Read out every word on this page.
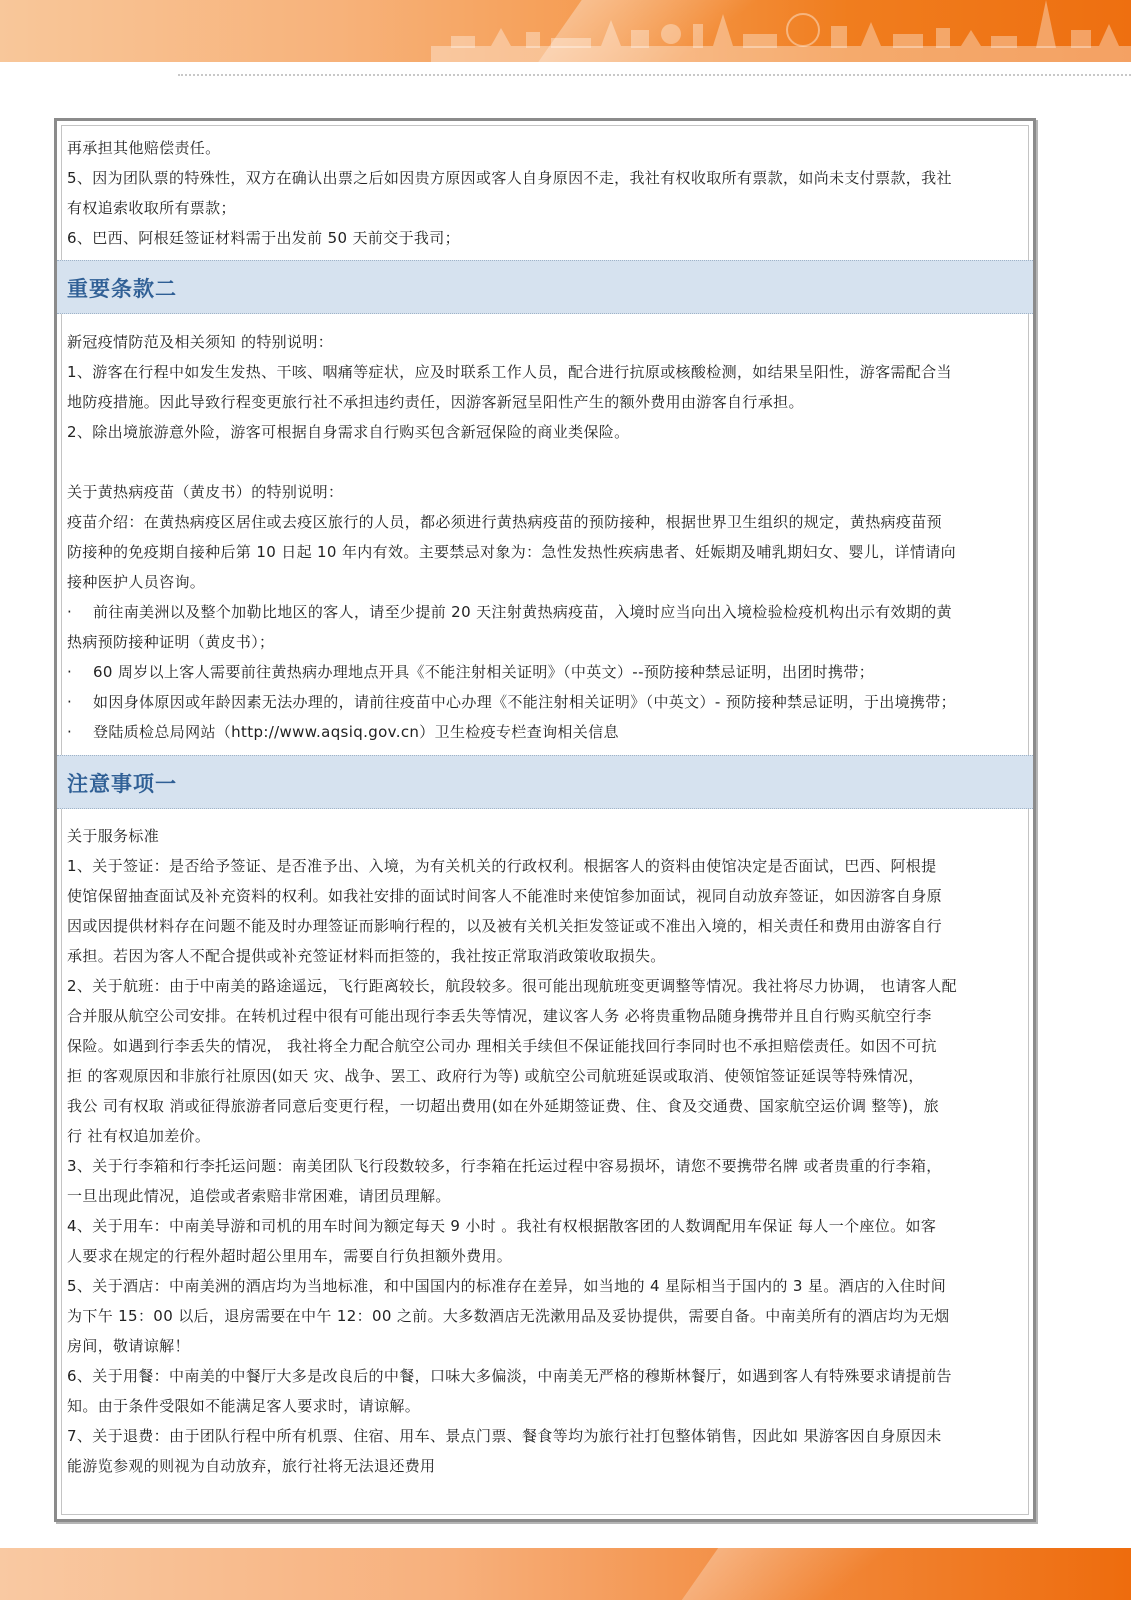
再承担其他赔偿责任。
5、因为团队票的特殊性，双方在确认出票之后如因贵方原因或客人自身原因不走，我社有权收取所有票款，如尚未支付票款，我社
有权追索收取所有票款；
6、巴西、阿根廷签证材料需于出发前 50 天前交于我司；
重要条款二
新冠疫情防范及相关须知 的特别说明：
1、游客在行程中如发生发热、干咳、咽痛等症状，应及时联系工作人员，配合进行抗原或核酸检测，如结果呈阳性，游客需配合当
地防疫措施。因此导致行程变更旅行社不承担违约责任，因游客新冠呈阳性产生的额外费用由游客自行承担。
2、除出境旅游意外险，游客可根据自身需求自行购买包含新冠保险的商业类保险。

关于黄热病疫苗（黄皮书）的特别说明：
疫苗介绍：在黄热病疫区居住或去疫区旅行的人员，都必须进行黄热病疫苗的预防接种，根据世界卫生组织的规定，黄热病疫苗预
防接种的免疫期自接种后第 10 日起 10 年内有效。主要禁忌对象为：急性发热性疾病患者、妊娠期及哺乳期妇女、婴儿，详情请向
接种医护人员咨询。
· 前往南美洲以及整个加勒比地区的客人，请至少提前 20 天注射黄热病疫苗，入境时应当向出入境检验检疫机构出示有效期的黄
热病预防接种证明（黄皮书）；
· 60 周岁以上客人需要前往黄热病办理地点开具《不能注射相关证明》（中英文）--预防接种禁忌证明，出团时携带；
· 如因身体原因或年龄因素无法办理的，请前往疫苗中心办理《不能注射相关证明》（中英文）- 预防接种禁忌证明，于出境携带；
· 登陆质检总局网站（http://www.aqsiq.gov.cn）卫生检疫专栏查询相关信息
注意事项一
关于服务标准
1、关于签证：是否给予签证、是否准予出、入境，为有关机关的行政权利。根据客人的资料由使馆决定是否面试，巴西、阿根提
使馆保留抽查面试及补充资料的权利。如我社安排的面试时间客人不能准时来使馆参加面试，视同自动放弃签证，如因游客自身原
因或因提供材料存在问题不能及时办理签证而影响行程的，以及被有关机关拒发签证或不准出入境的，相关责任和费用由游客自行
承担。若因为客人不配合提供或补充签证材料而拒签的，我社按正常取消政策收取损失。
2、关于航班：由于中南美的路途遥远，飞行距离较长，航段较多。很可能出现航班变更调整等情况。我社将尽力协调， 也请客人配
合并服从航空公司安排。在转机过程中很有可能出现行李丢失等情况，建议客人务 必将贵重物品随身携带并且自行购买航空行李
保险。如遇到行李丢失的情况， 我社将全力配合航空公司办 理相关手续但不保证能找回行李同时也不承担赔偿责任。如因不可抗
拒 的客观原因和非旅行社原因(如天 灾、战争、罢工、政府行为等) 或航空公司航班延误或取消、使领馆签证延误等特殊情况，
我公 司有权取 消或征得旅游者同意后变更行程，一切超出费用(如在外延期签证费、住、食及交通费、国家航空运价调 整等)，旅
行 社有权追加差价。
3、关于行李箱和行李托运问题：南美团队飞行段数较多，行李箱在托运过程中容易损坏，请您不要携带名牌 或者贵重的行李箱，
一旦出现此情况，追偿或者索赔非常困难，请团员理解。
4、关于用车：中南美导游和司机的用车时间为额定每天 9 小时 。我社有权根据散客团的人数调配用车保证 每人一个座位。如客
人要求在规定的行程外超时超公里用车，需要自行负担额外费用。
5、关于酒店：中南美洲的酒店均为当地标准，和中国国内的标准存在差异，如当地的 4 星际相当于国内的 3 星。酒店的入住时间
为下午 15：00 以后，退房需要在中午 12：00 之前。大多数酒店无洗漱用品及妥协提供，需要自备。中南美所有的酒店均为无烟
房间，敬请谅解！
6、关于用餐：中南美的中餐厅大多是改良后的中餐，口味大多偏淡，中南美无严格的穆斯林餐厅，如遇到客人有特殊要求请提前告
知。由于条件受限如不能满足客人要求时，请谅解。
7、关于退费：由于团队行程中所有机票、住宿、用车、景点门票、餐食等均为旅行社打包整体销售，因此如 果游客因自身原因未
能游览参观的则视为自动放弃，旅行社将无法退还费用
